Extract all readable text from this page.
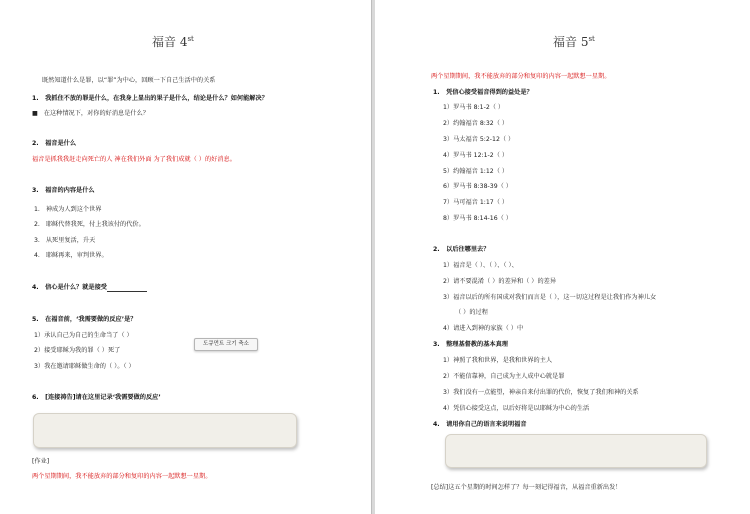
福音 4st
既然知道什么是罪，以“罪”为中心，回顾一下自己生活中的关系
1. 我抓住不放的罪是什么，在我身上显出的果子是什么，结论是什么？如何能解决？
■ 在这种情况下，对你的好消息是什么？
2. 福音是什么
福音是抓我我赶走向死亡的人 神在我们外面 为了我们成就（ ）的好消息。
3. 福音的内容是什么
1. 神成为人到这个世界
2. 耶稣代替我死，付上我该付的代价。
3. 从死里复活，升天
4. 耶稣再来，审判世界。
4. 信心是什么？就是接受
5. 在福音前，‘我需要做的反应’是？
1）承认自己为自己的生命当了（ ）
2）接受耶稣为我的罪（ ）死了
3）我在邀请耶稣做生命的（ ）。（ ）
6. [连接祷告]请在这里记录‘我需要做的反应’
[作业]
两个星期期间，我不能放弃的部分和复印的内容一起默想一星期。
도큐먼트 크기 축소
福音 5st
两个星期期间，我不能放弃的部分和复印的内容一起默想一星期。
1. 凭信心接受福音得到的益处是？
1）罗马书 8:1-2（ ）
2）约翰福音 8:32（ ）
3）马太福音 5:2-12（ ）
4）罗马书 12:1-2（ ）
5）约翰福音 1:12（ ）
6）罗马书 8:38-39（ ）
7）马可福音 1:17（ ）
8）罗马书 8:14-16（ ）
2. 以后往哪里去？
1）福音是（ ）、（ ）、（ ）、
2）请不要混淆（ ）的差异和（ ）的差异
3）福音以后的所有国成对我们而言是（ ），这一切这过程是让我们作为神儿女
（ ）的过程
4）请进入到神的家族（ ）中
3. 整理基督教的基本真理
1）神照了我和世界，是我和世界的主人
2）不能信靠神，自己成为主人成中心就是罪
3）我们没有一点能望，神亲自来付出罪的代价，恢复了我们和神的关系
4）凭信心接受这点，以后好将是以耶稣为中心的生活
4. 请用你自己的语言来说明福音
[总结]这五个星期的时间怎样了？每一刻记得福音，从福音重新出发！
